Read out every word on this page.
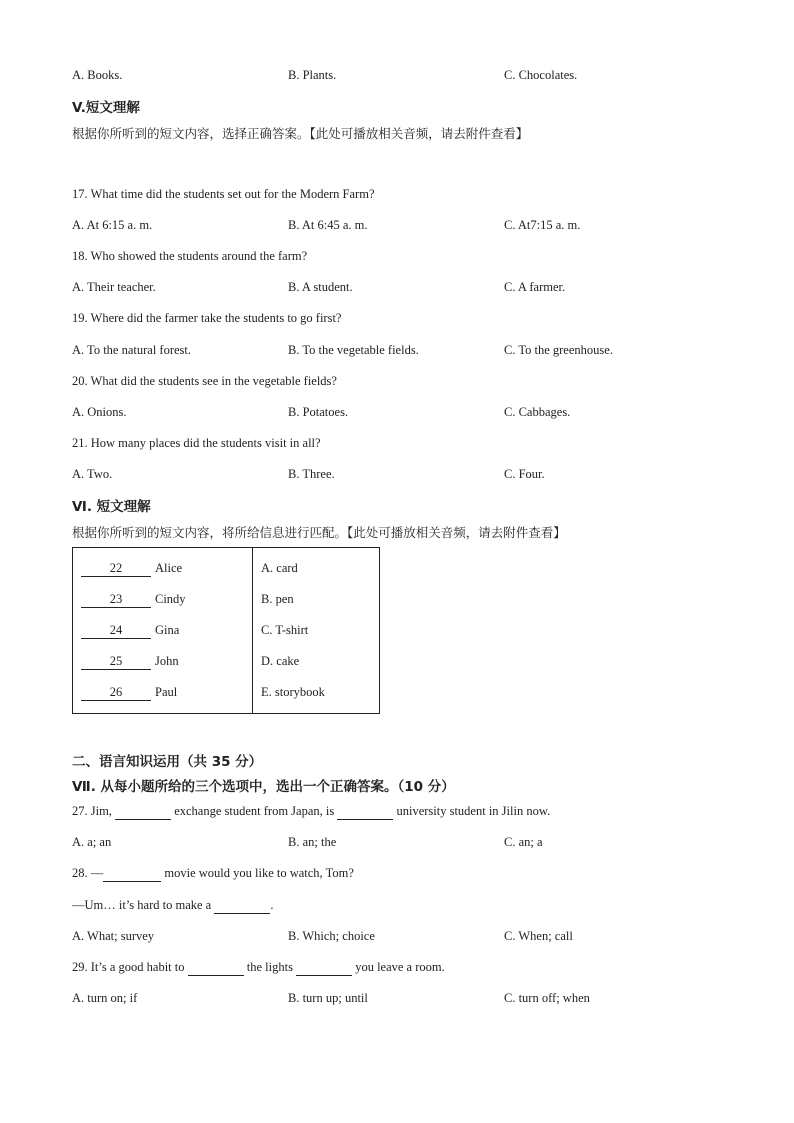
A. Books.	B. Plants.	C. Chocolates.
V.短文理解
根据你所听到的短文内容，选择正确答案。【此处可播放相关音频，请去附件查看】
17. What time did the students set out for the Modern Farm?
A. At 6:15 a. m.	B. At 6:45 a. m.	C. At7:15 a. m.
18. Who showed the students around the farm?
A. Their teacher.	B. A student.	C. A farmer.
19. Where did the farmer take the students to go first?
A. To the natural forest.	B. To the vegetable fields.	C. To the greenhouse.
20. What did the students see in the vegetable fields?
A. Onions.	B. Potatoes.	C. Cabbages.
21. How many places did the students visit in all?
A. Two.	B. Three.	C. Four.
Ⅵ. 短文理解
根据你所听到的短文内容，将所给信息进行匹配。【此处可播放相关音频，请去附件查看】
22	Alice	A. card
23	Cindy	B. pen
24	Gina	C. T-shirt
25	John	D. cake
26	Paul	E. storybook
二、语言知识运用（共 35 分）
Ⅶ. 从每小题所给的三个选项中，选出一个正确答案。（10 分）
27. Jim,	exchange student from Japan, is	university student in Jilin now.
A. a; an	B. an; the	C. an; a
28. —	movie would you like to watch, Tom?
—Um… it’s hard to make a	.
A. What; survey	B. Which; choice	C. When; call
29. It’s a good habit to	the lights	you leave a room.
A. turn on; if	B. turn up; until	C. turn off; when
